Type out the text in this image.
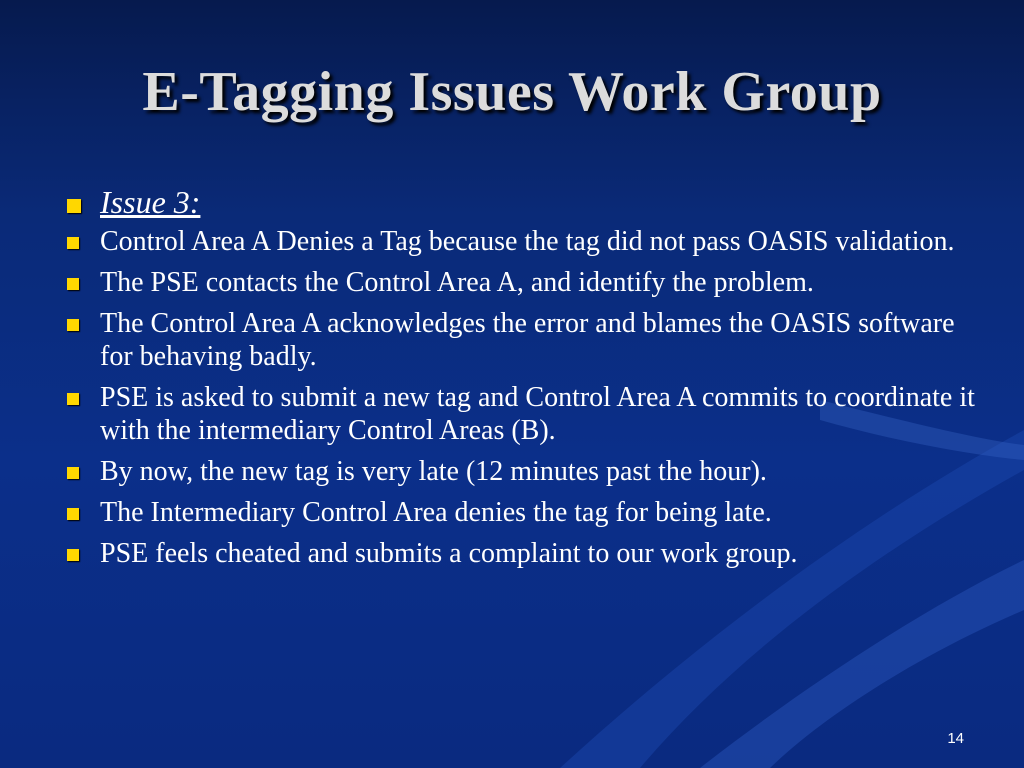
E-Tagging Issues Work Group
Issue 3:
Control Area A Denies a Tag because the tag did not pass OASIS validation.
The PSE contacts the Control Area A, and identify the problem.
The Control Area A acknowledges the error and blames the OASIS software for behaving badly.
PSE is asked to submit a new tag and Control Area A commits to coordinate it with the intermediary Control Areas (B).
By now, the new tag is very late (12 minutes past the hour).
The Intermediary Control Area denies the tag for being late.
PSE feels cheated and submits a complaint to our work group.
14
